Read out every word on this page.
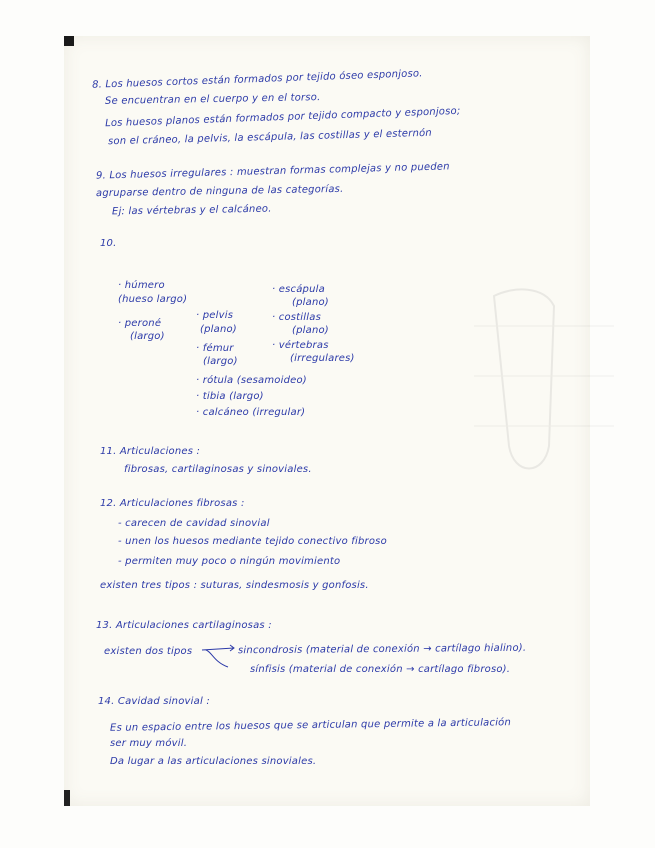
8. Los huesos cortos están formados por tejido óseo esponjoso.
Se encuentran en el cuerpo y en el torso.
Los huesos planos están formados por tejido compacto y esponjoso;
son el cráneo, la pelvis, la escápula, las costillas y el esternón
9. Los huesos irregulares : muestran formas complejas y no pueden
agruparse dentro de ninguna de las categorías.
Ej: las vértebras y el calcáneo.
10.
· húmero
(hueso largo)
· peroné
(largo)
· pelvis
(plano)
· fémur
(largo)
· escápula
(plano)
· costillas
(plano)
· vértebras
(irregulares)
· rótula (sesamoideo)
· tibia (largo)
· calcáneo (irregular)
11. Articulaciones :
fibrosas, cartilaginosas y sinoviales.
12. Articulaciones fibrosas :
- carecen de cavidad sinovial
- unen los huesos mediante tejido conectivo fibroso
- permiten muy poco o ningún movimiento
existen tres tipos : suturas, sindesmosis y gonfosis.
13. Articulaciones cartilaginosas :
existen dos tipos	sincondrosis (material de conexión → cartílago hialino).
sínfisis (material de conexión → cartílago fibroso).
14. Cavidad sinovial :
Es un espacio entre los huesos que se articulan que permite a la articulación
ser muy móvil.
Da lugar a las articulaciones sinoviales.
